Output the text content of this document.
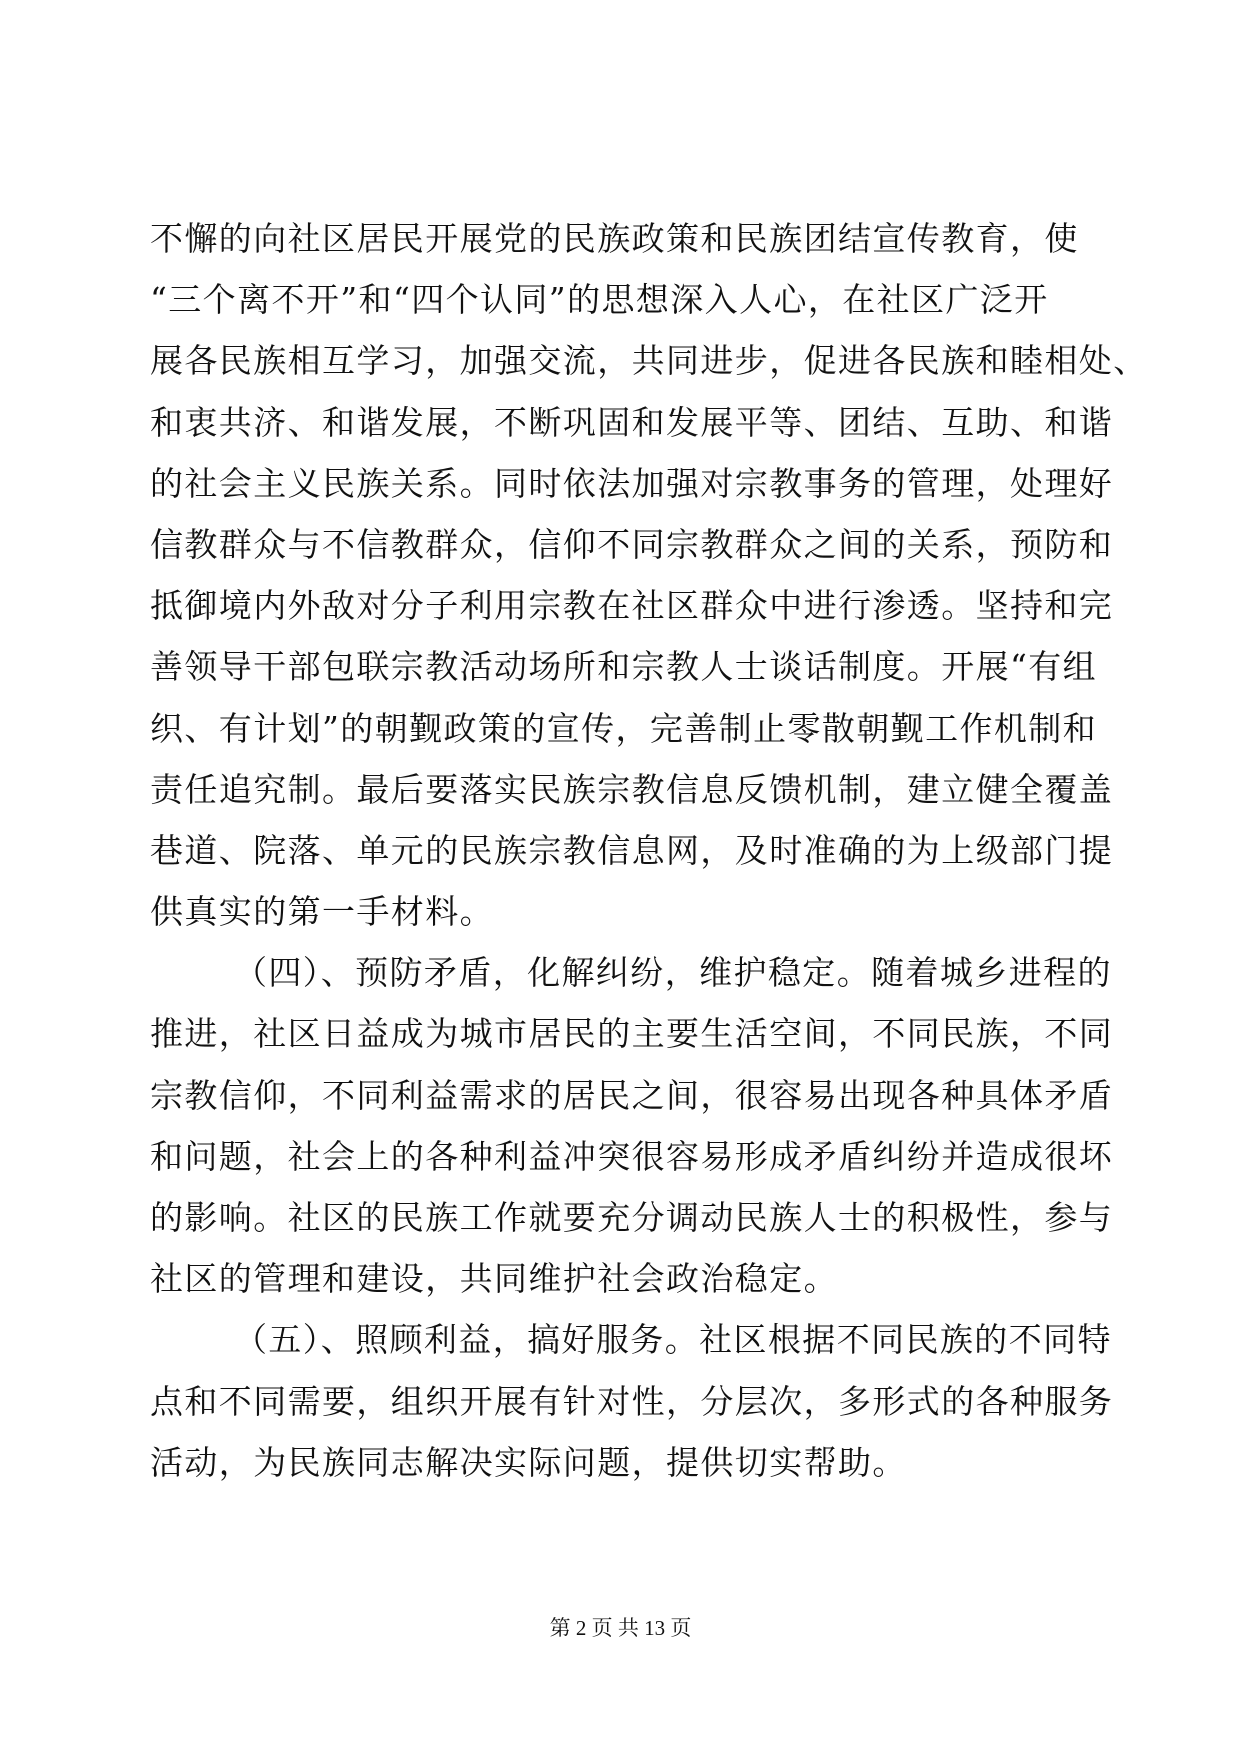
不懈的向社区居民开展党的民族政策和民族团结宣传教育，使
“三个离不开”和“四个认同”的思想深入人心，在社区广泛开
展各民族相互学习，加强交流，共同进步，促进各民族和睦相处、
和衷共济、和谐发展，不断巩固和发展平等、团结、互助、和谐
的社会主义民族关系。同时依法加强对宗教事务的管理，处理好
信教群众与不信教群众，信仰不同宗教群众之间的关系，预防和
抵御境内外敌对分子利用宗教在社区群众中进行渗透。坚持和完
善领导干部包联宗教活动场所和宗教人士谈话制度。开展“有组
织、有计划”的朝觐政策的宣传，完善制止零散朝觐工作机制和
责任追究制。最后要落实民族宗教信息反馈机制，建立健全覆盖
巷道、院落、单元的民族宗教信息网，及时准确的为上级部门提
供真实的第一手材料。
（四）、预防矛盾，化解纠纷，维护稳定。随着城乡进程的
推进，社区日益成为城市居民的主要生活空间，不同民族，不同
宗教信仰，不同利益需求的居民之间，很容易出现各种具体矛盾
和问题，社会上的各种利益冲突很容易形成矛盾纠纷并造成很坏
的影响。社区的民族工作就要充分调动民族人士的积极性，参与
社区的管理和建设，共同维护社会政治稳定。
（五）、照顾利益，搞好服务。社区根据不同民族的不同特
点和不同需要，组织开展有针对性，分层次，多形式的各种服务
活动，为民族同志解决实际问题，提供切实帮助。
第 2 页 共 13 页
